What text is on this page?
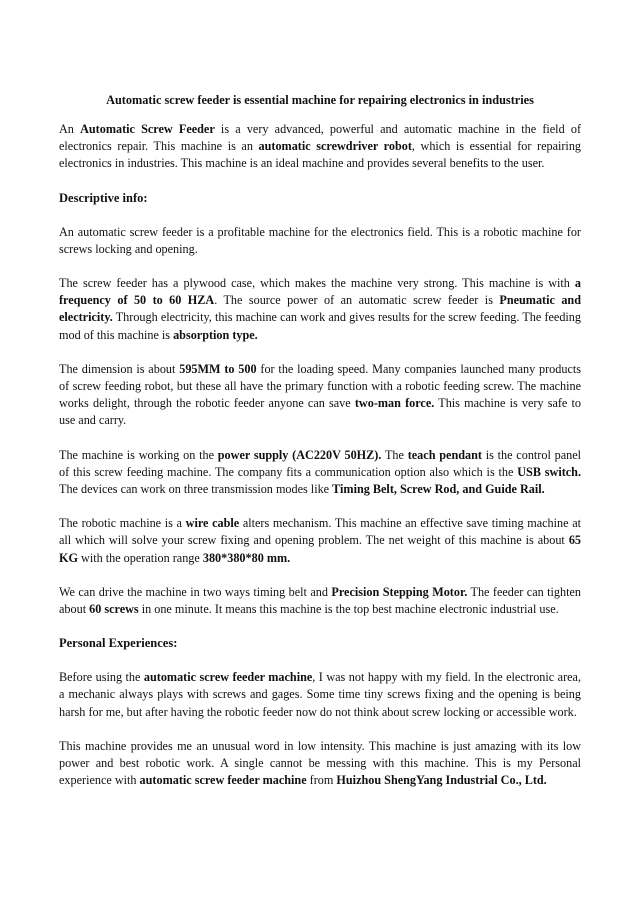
Automatic screw feeder is essential machine for repairing electronics in industries

An Automatic Screw Feeder is a very advanced, powerful and automatic machine in the field of electronics repair. This machine is an automatic screwdriver robot, which is essential for repairing electronics in industries. This machine is an ideal machine and provides several benefits to the user.

Descriptive info:

An automatic screw feeder is a profitable machine for the electronics field. This is a robotic machine for screws locking and opening.

The screw feeder has a plywood case, which makes the machine very strong. This machine is with a frequency of 50 to 60 HZA. The source power of an automatic screw feeder is Pneumatic and electricity. Through electricity, this machine can work and gives results for the screw feeding. The feeding mod of this machine is absorption type.

The dimension is about 595MM to 500 for the loading speed. Many companies launched many products of screw feeding robot, but these all have the primary function with a robotic feeding screw. The machine works delight, through the robotic feeder anyone can save two-man force. This machine is very safe to use and carry.

The machine is working on the power supply (AC220V 50HZ). The teach pendant is the control panel of this screw feeding machine. The company fits a communication option also which is the USB switch. The devices can work on three transmission modes like Timing Belt, Screw Rod, and Guide Rail.

The robotic machine is a wire cable alters mechanism. This machine an effective save timing machine at all which will solve your screw fixing and opening problem. The net weight of this machine is about 65 KG with the operation range 380*380*80 mm.

We can drive the machine in two ways timing belt and Precision Stepping Motor. The feeder can tighten about 60 screws in one minute. It means this machine is the top best machine electronic industrial use.

Personal Experiences:

Before using the automatic screw feeder machine, I was not happy with my field. In the electronic area, a mechanic always plays with screws and gages. Some time tiny screws fixing and the opening is being harsh for me, but after having the robotic feeder now do not think about screw locking or accessible work.

This machine provides me an unusual word in low intensity. This machine is just amazing with its low power and best robotic work. A single cannot be messing with this machine. This is my Personal experience with automatic screw feeder machine from Huizhou ShengYang Industrial Co., Ltd.
